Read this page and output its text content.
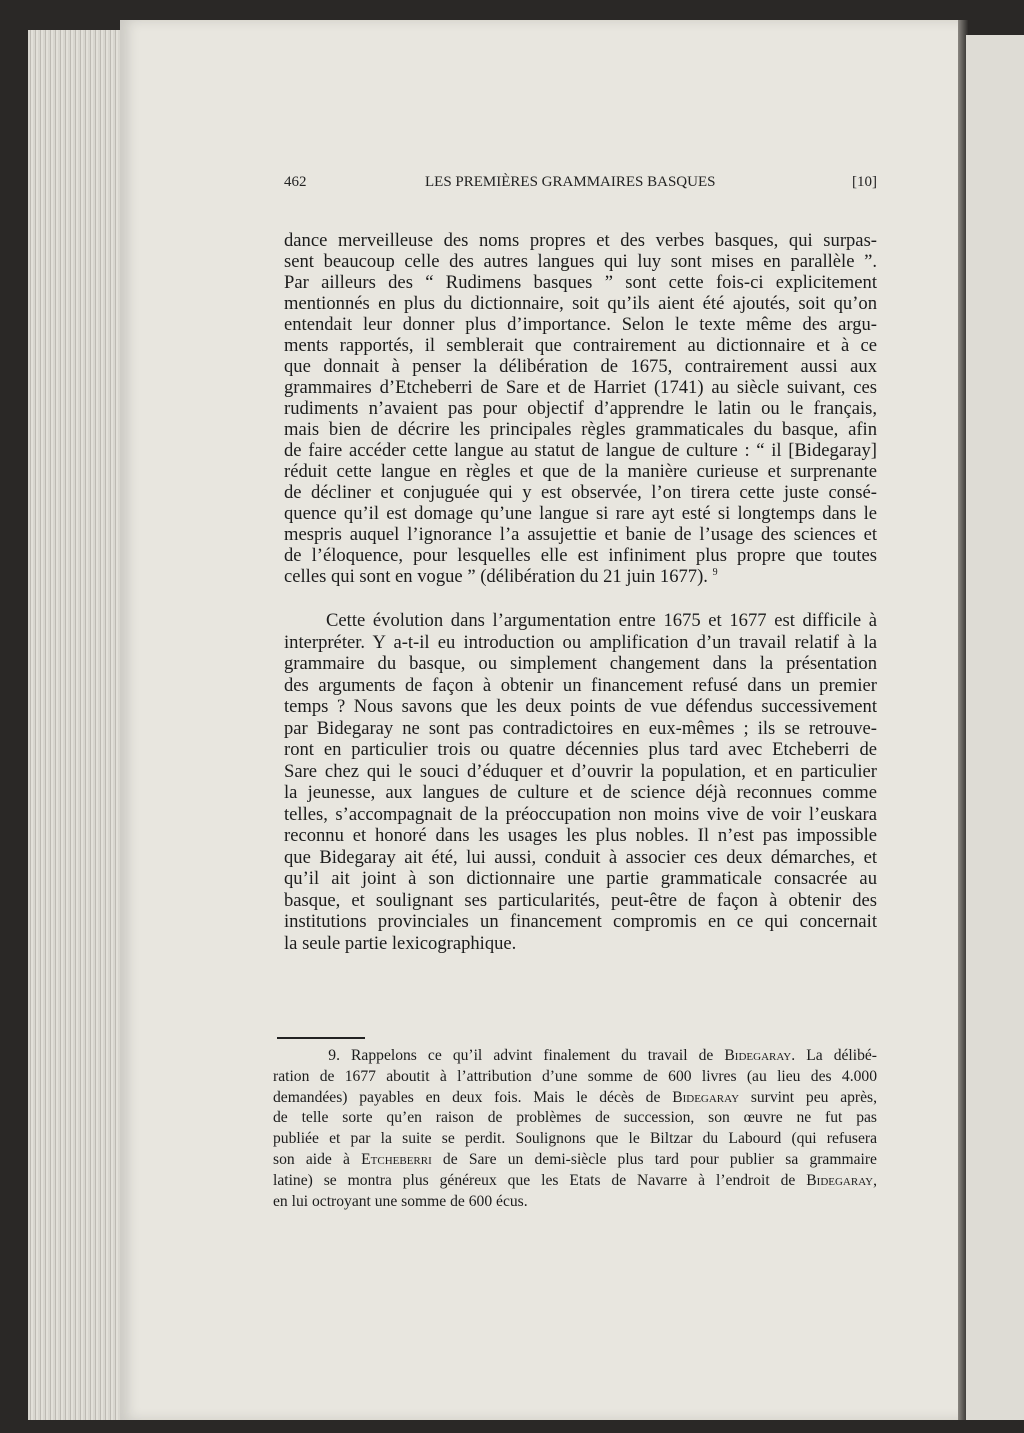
462	LES PREMIÈRES GRAMMAIRES BASQUES	[10]
dance merveilleuse des noms propres et des verbes basques, qui surpas-
sent beaucoup celle des autres langues qui luy sont mises en parallèle ”.
Par ailleurs des “ Rudimens basques ” sont cette fois-ci explicitement
mentionnés en plus du dictionnaire, soit qu’ils aient été ajoutés, soit qu’on
entendait leur donner plus d’importance. Selon le texte même des argu-
ments rapportés, il semblerait que contrairement au dictionnaire et à ce
que donnait à penser la délibération de 1675, contrairement aussi aux
grammaires d’Etcheberri de Sare et de Harriet (1741) au siècle suivant, ces
rudiments n’avaient pas pour objectif d’apprendre le latin ou le français,
mais bien de décrire les principales règles grammaticales du basque, afin
de faire accéder cette langue au statut de langue de culture : “ il [Bidegaray]
réduit cette langue en règles et que de la manière curieuse et surprenante
de décliner et conjuguée qui y est observée, l’on tirera cette juste consé-
quence qu’il est domage qu’une langue si rare ayt esté si longtemps dans le
mespris auquel l’ignorance l’a assujettie et banie de l’usage des sciences et
de l’éloquence, pour lesquelles elle est infiniment plus propre que toutes
celles qui sont en vogue ” (délibération du 21 juin 1677). $^9$
Cette évolution dans l’argumentation entre 1675 et 1677 est difficile à
interpréter. Y a-t-il eu introduction ou amplification d’un travail relatif à la
grammaire du basque, ou simplement changement dans la présentation
des arguments de façon à obtenir un financement refusé dans un premier
temps ? Nous savons que les deux points de vue défendus successivement
par Bidegaray ne sont pas contradictoires en eux-mêmes ; ils se retrouve-
ront en particulier trois ou quatre décennies plus tard avec Etcheberri de
Sare chez qui le souci d’éduquer et d’ouvrir la population, et en particulier
la jeunesse, aux langues de culture et de science déjà reconnues comme
telles, s’accompagnait de la préoccupation non moins vive de voir l’euskara
reconnu et honoré dans les usages les plus nobles. Il n’est pas impossible
que Bidegaray ait été, lui aussi, conduit à associer ces deux démarches, et
qu’il ait joint à son dictionnaire une partie grammaticale consacrée au
basque, et soulignant ses particularités, peut-être de façon à obtenir des
institutions provinciales un financement compromis en ce qui concernait
la seule partie lexicographique.
9. Rappelons ce qu’il advint finalement du travail de Bidegaray. La délibé-
ration de 1677 aboutit à l’attribution d’une somme de 600 livres (au lieu des 4.000
demandées) payables en deux fois. Mais le décès de Bidegaray survint peu après,
de telle sorte qu’en raison de problèmes de succession, son œuvre ne fut pas
publiée et par la suite se perdit. Soulignons que le Biltzar du Labourd (qui refusera
son aide à Etcheberri de Sare un demi-siècle plus tard pour publier sa grammaire
latine) se montra plus généreux que les Etats de Navarre à l’endroit de Bidegaray,
en lui octroyant une somme de 600 écus.
